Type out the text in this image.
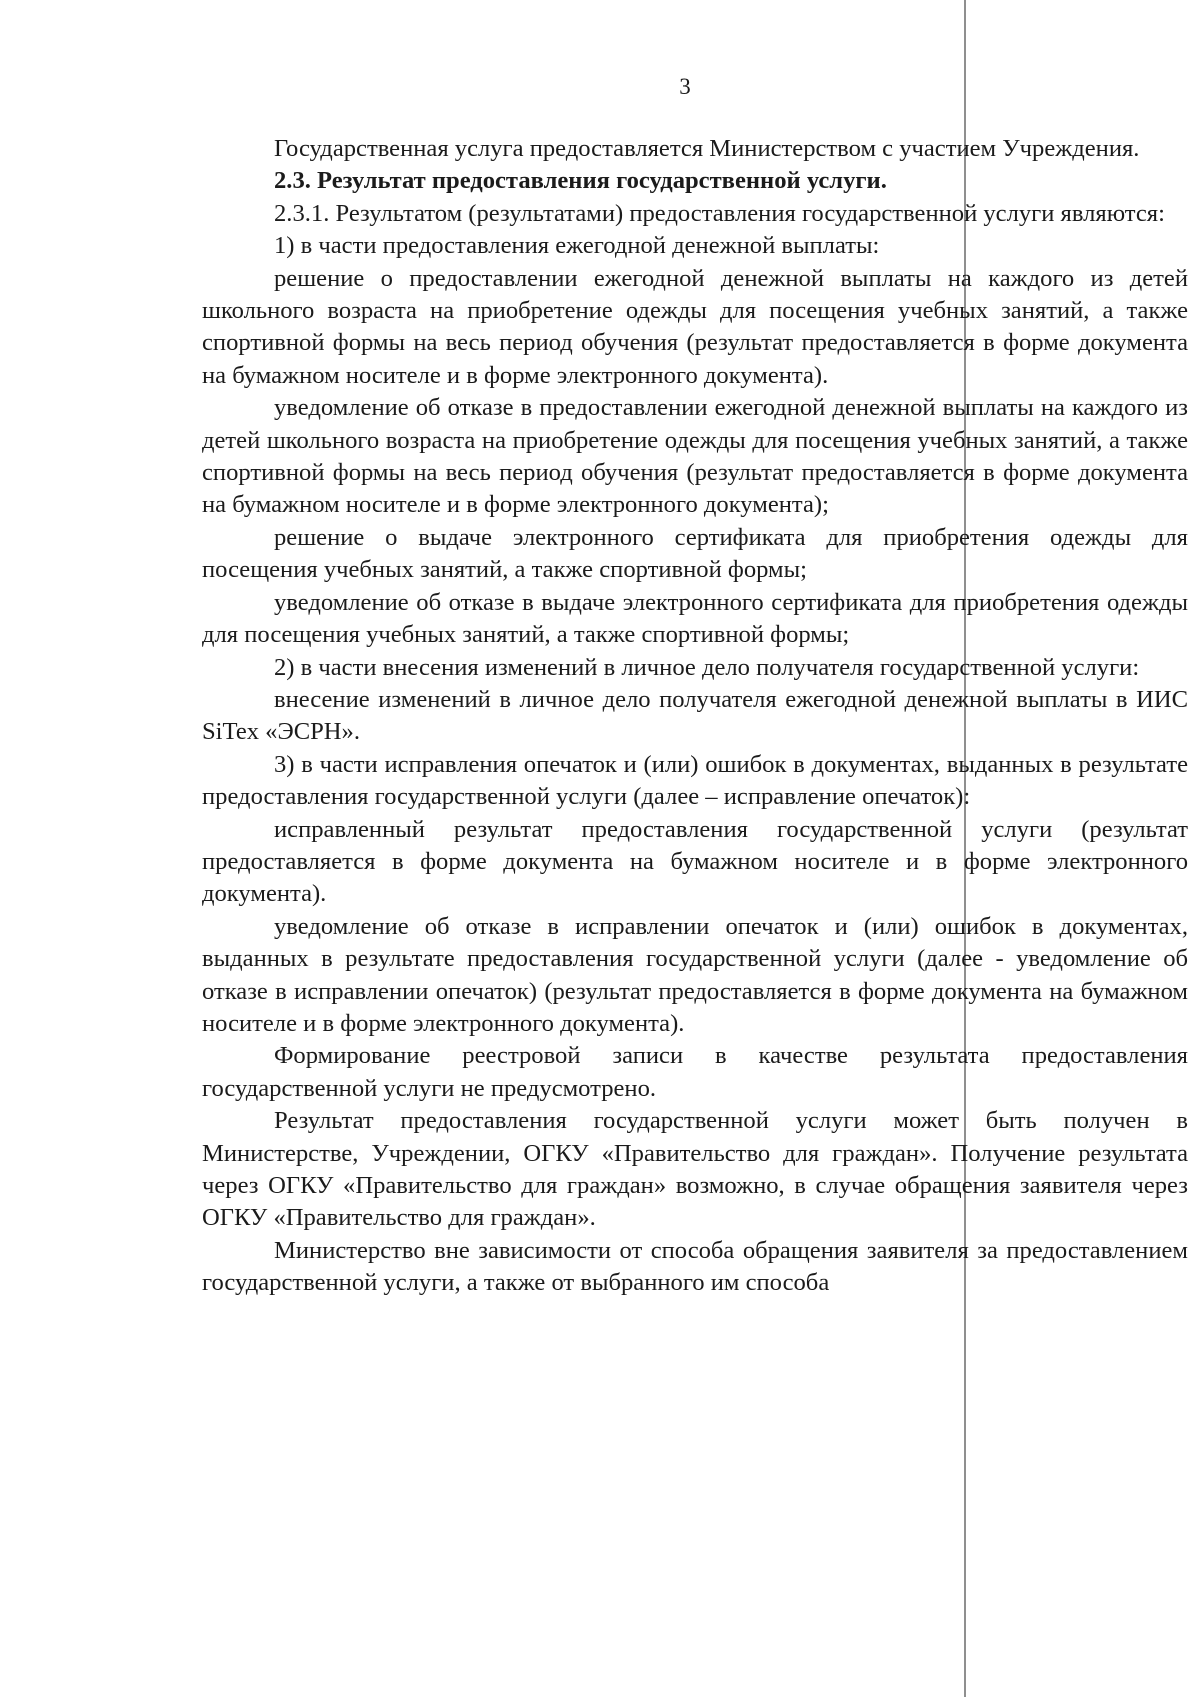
3

Государственная услуга предоставляется Министерством с участием Учреждения.

2.3. Результат предоставления государственной услуги.

2.3.1. Результатом (результатами) предоставления государственной услуги являются:

1) в части предоставления ежегодной денежной выплаты:

решение о предоставлении ежегодной денежной выплаты на каждого из детей школьного возраста на приобретение одежды для посещения учебных занятий, а также спортивной формы на весь период обучения (результат предоставляется в форме документа на бумажном носителе и в форме электронного документа).

уведомление об отказе в предоставлении ежегодной денежной выплаты на каждого из детей школьного возраста на приобретение одежды для посещения учебных занятий, а также спортивной формы на весь период обучения (результат предоставляется в форме документа на бумажном носителе и в форме электронного документа);

решение о выдаче электронного сертификата для приобретения одежды для посещения учебных занятий, а также спортивной формы;

уведомление об отказе в выдаче электронного сертификата для приобретения одежды для посещения учебных занятий, а также спортивной формы;

2) в части внесения изменений в личное дело получателя государственной услуги:

внесение изменений в личное дело получателя ежегодной денежной выплаты в ИИС SiTex «ЭСРН».

3) в части исправления опечаток и (или) ошибок в документах, выданных в результате предоставления государственной услуги (далее – исправление опечаток):

исправленный результат предоставления государственной услуги (результат предоставляется в форме документа на бумажном носителе и в форме электронного документа).

уведомление об отказе в исправлении опечаток и (или) ошибок в документах, выданных в результате предоставления государственной услуги (далее - уведомление об отказе в исправлении опечаток) (результат предоставляется в форме документа на бумажном носителе и в форме электронного документа).

Формирование реестровой записи в качестве результата предоставления государственной услуги не предусмотрено.

Результат предоставления государственной услуги может быть получен в Министерстве, Учреждении, ОГКУ «Правительство для граждан». Получение результата через ОГКУ «Правительство для граждан» возможно, в случае обращения заявителя через ОГКУ «Правительство для граждан».

Министерство вне зависимости от способа обращения заявителя за предоставлением государственной услуги, а также от выбранного им способа
